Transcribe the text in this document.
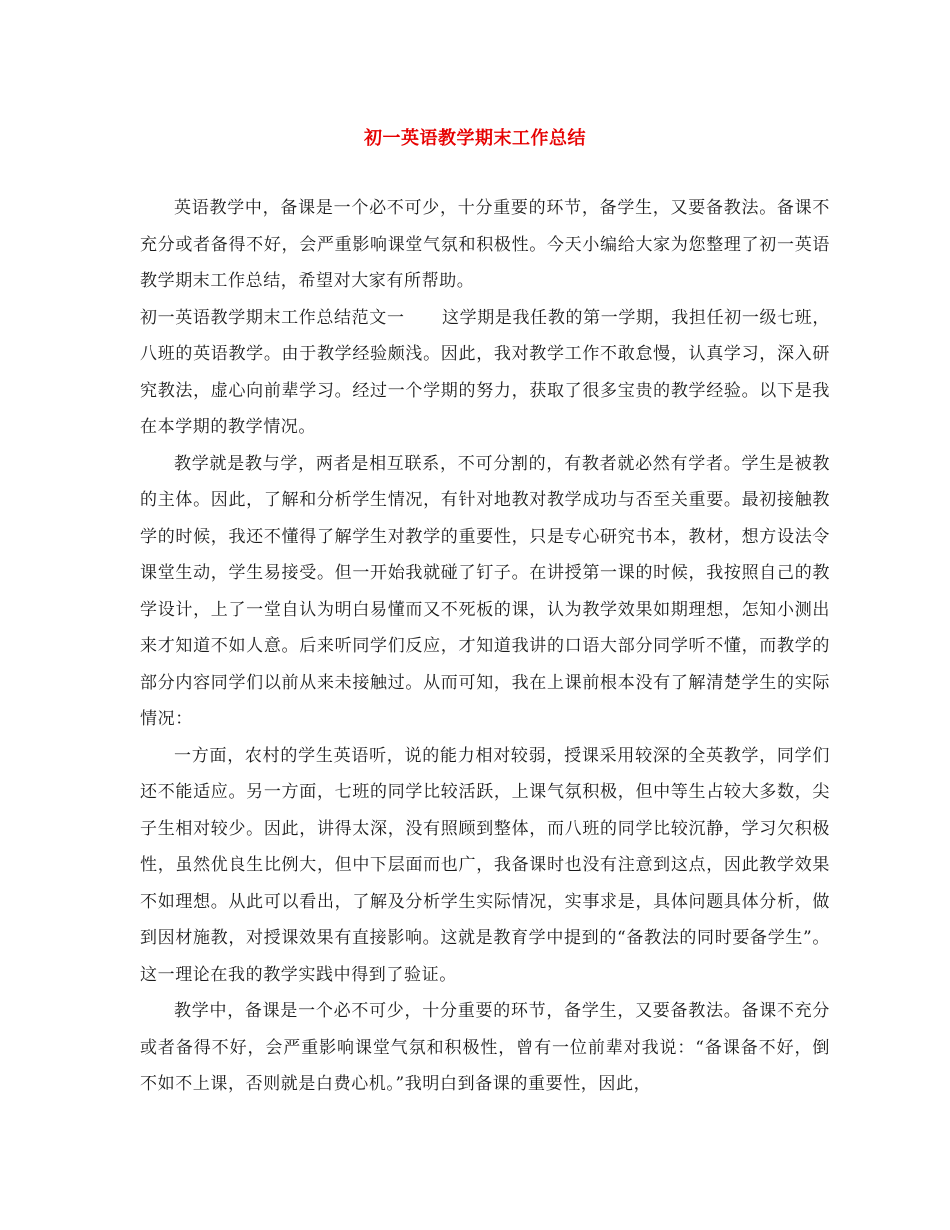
初一英语教学期末工作总结

英语教学中，备课是一个必不可少，十分重要的环节，备学生，又要备教法。备课不充分或者备得不好，会严重影响课堂气氛和积极性。今天小编给大家为您整理了初一英语教学期末工作总结，希望对大家有所帮助。

初一英语教学期末工作总结范文一 这学期是我任教的第一学期，我担任初一级七班，八班的英语教学。由于教学经验颇浅。因此，我对教学工作不敢怠慢，认真学习，深入研究教法，虚心向前辈学习。经过一个学期的努力，获取了很多宝贵的教学经验。以下是我在本学期的教学情况。

教学就是教与学，两者是相互联系，不可分割的，有教者就必然有学者。学生是被教的主体。因此，了解和分析学生情况，有针对地教对教学成功与否至关重要。最初接触教学的时候，我还不懂得了解学生对教学的重要性，只是专心研究书本，教材，想方设法令课堂生动，学生易接受。但一开始我就碰了钉子。在讲授第一课的时候，我按照自己的教学设计，上了一堂自认为明白易懂而又不死板的课，认为教学效果如期理想，怎知小测出来才知道不如人意。后来听同学们反应，才知道我讲的口语大部分同学听不懂，而教学的部分内容同学们以前从来未接触过。从而可知，我在上课前根本没有了解清楚学生的实际情况：

一方面，农村的学生英语听，说的能力相对较弱，授课采用较深的全英教学，同学们还不能适应。另一方面，七班的同学比较活跃，上课气氛积极，但中等生占较大多数，尖子生相对较少。因此，讲得太深，没有照顾到整体，而八班的同学比较沉静，学习欠积极性，虽然优良生比例大，但中下层面而也广，我备课时也没有注意到这点，因此教学效果不如理想。从此可以看出，了解及分析学生实际情况，实事求是，具体问题具体分析，做到因材施教，对授课效果有直接影响。这就是教育学中提到的“备教法的同时要备学生”。这一理论在我的教学实践中得到了验证。

教学中，备课是一个必不可少，十分重要的环节，备学生，又要备教法。备课不充分或者备得不好，会严重影响课堂气氛和积极性，曾有一位前辈对我说：“备课备不好，倒不如不上课，否则就是白费心机。”我明白到备课的重要性，因此，
